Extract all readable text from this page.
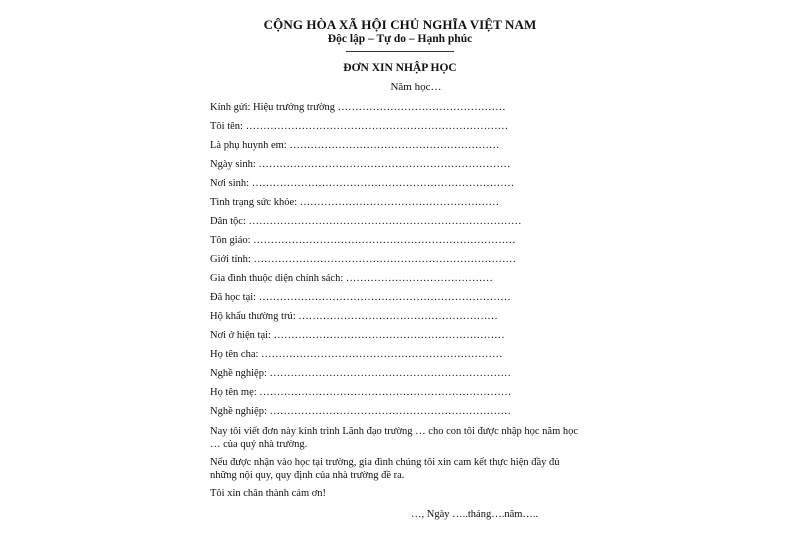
CỘNG HÒA XÃ HỘI CHỦ NGHĨA VIỆT NAM
Độc lập – Tự do – Hạnh phúc
ĐƠN XIN NHẬP HỌC
Năm học…
Kính gửi: Hiệu trưởng trường …………………………………………
Tôi tên: …………………………………………………………………
Là phụ huynh em: ……………………………………………………
Ngày sinh: ………………………………………………………………
Nơi sinh: …………………………………………………………………
Tình trạng sức khỏe: …………………………………………………
Dân tộc: ……………………………………………………………………
Tôn giáo: …………………………………………………………………
Giới tính: …………………………………………………………………
Gia đình thuộc diện chính sách: ……………………………………
Đã học tại: ………………………………………………………………
Hộ khẩu thường trú: …………………………………………………
Nơi ở hiện tại: …………………………………………………………
Họ tên cha: ……………………………………………………………
Nghề nghiệp: ……………………………………………………………
Họ tên mẹ: ………………………………………………………………
Nghề nghiệp: ……………………………………………………………
Nay tôi viết đơn này kính trình Lãnh đạo trường … cho con tôi được nhập học năm học
… của quý nhà trường.
Nếu được nhận vào học tại trường, gia đình chúng tôi xin cam kết thực hiện đầy đủ
những nội quy, quy định của nhà trường đề ra.
Tôi xin chân thành cảm ơn!
…, Ngày …..tháng….năm…..
